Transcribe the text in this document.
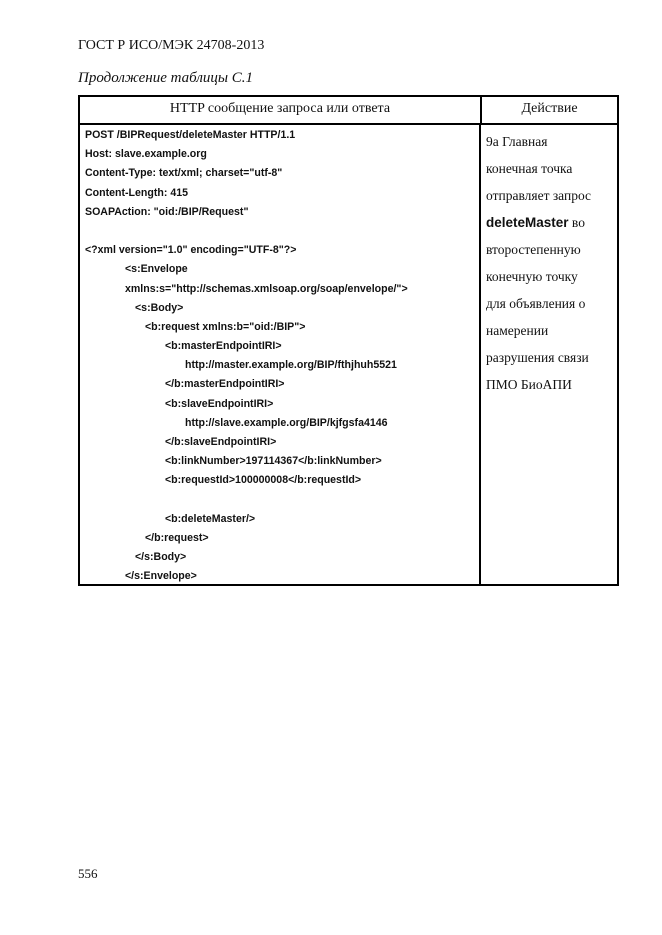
ГОСТ Р ИСО/МЭК 24708-2013
Продолжение таблицы С.1
HTTP сообщение запроса или ответа	Действие
POST /BIPRequest/deleteMaster HTTP/1.1
Host: slave.example.org
Content-Type: text/xml; charset="utf-8"
Content-Length: 415
SOAPAction: "oid:/BIP/Request"
<?xml version="1.0" encoding="UTF-8"?>
<s:Envelope
xmlns:s="http://schemas.xmlsoap.org/soap/envelope/">
<s:Body>
<b:request xmlns:b="oid:/BIP">
<b:masterEndpointIRI>
http://master.example.org/BIP/fthjhuh5521
</b:masterEndpointIRI>
<b:slaveEndpointIRI>
http://slave.example.org/BIP/kjfgsfa4146
</b:slaveEndpointIRI>
<b:linkNumber>197114367</b:linkNumber>
<b:requestId>100000008</b:requestId>
<b:deleteMaster/>
</b:request>
</s:Body>
</s:Envelope>
9а Главная
конечная точка
отправляет запрос
deleteMaster во
второстепенную
конечную точку
для объявления о
намерении
разрушения связи
ПМО БиоАПИ
556
